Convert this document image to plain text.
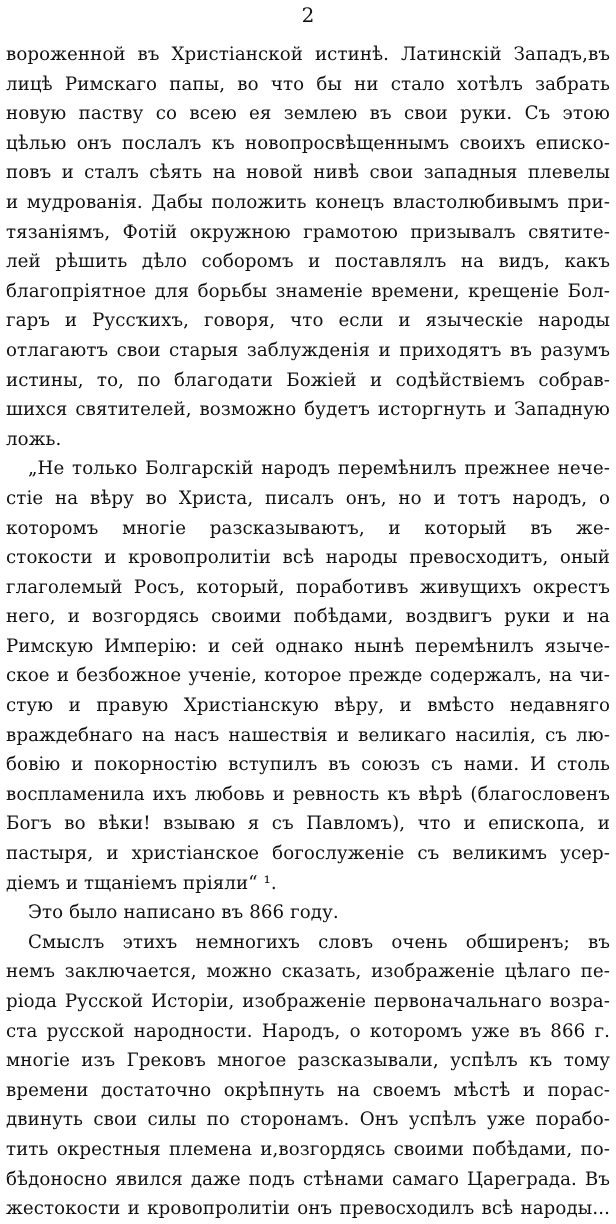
2
вороженной въ Христiанской истинѣ. Латинскiй Западъ,въ
лицѣ Римскаго папы, во что бы ни стало хотѣлъ забрать
новую паству со всею ея землею въ свои руки. Съ этою
цѣлью онъ послалъ къ новопросвѣщеннымъ своихъ еписко-
повъ и сталъ сѣять на новой нивѣ свои западныя плевелы
и мудрованiя. Дабы положить конецъ властолюбивымъ при-
тязанiямъ, Фотiй окружною грамотою призывалъ святите-
лей рѣшить дѣло соборомъ и поставлялъ на видъ, какъ
благопрiятное для борьбы знаменiе времени, крещенiе Бол-
гаръ и Руссҡихъ, говоря, что если и языческiе народы
отлагаютъ свои старыя заблужденiя и приходятъ въ разумъ
истины, то, по благодати Божiей и содѣйствiемъ собрав-
шихся святителей, возможно будетъ исторгнуть и Западную
ложь.
„Не только Болгарскiй народъ перемѣнилъ прежнее нече-
стiе на вѣру во Христа, писалъ онъ, но и тотъ народъ, о
которомъ многiе разсказываютъ, и который въ же-
стокости и кровопролитiи всѣ народы превосходитъ, оный
глаголемый Росъ, который, поработивъ живущихъ окрестъ
него, и возгордясь своими побѣдами, воздвигъ руки и на
Римскую Имперiю: и сей однако нынѣ перемѣнилъ языче-
ское и безбожное ученiе, которое прежде содержалъ, на чи-
стую и правую Христiанскую вѣру, и вмѣсто недавняго
враждебнаго на насъ нашествiя и великаго насилiя, съ лю-
бовiю и покорностiю вступилъ въ союзъ съ нами. И столь
воспламенила ихъ любовь и ревность къ вѣрѣ (благословенъ
Богъ во вѣки! взываю я съ Павломъ), что и епископа, и
пастыря, и христiанское богослуженiе съ великимъ усер-
дiемъ и тщанiемъ прiяли“ ¹.
Это было написано въ 866 году.
Смыслъ этихъ немногихъ словъ очень обширенъ; въ
немъ заключается, можно сказать, изображенiе цѣлаго пе-
рiода Русской Исторiи, изображенiе первоначальнаго возра-
ста русской народности. Народъ, о которомъ уже въ 866 г.
многiе изъ Грековъ многое разсказывали, успѣлъ къ тому
времени достаточно окрѣпнуть на своемъ мѣстѣ и порас-
двинуть свои силы по сторонамъ. Онъ успѣлъ уже порабо-
тить окрестныя племена и,возгордясь своими побѣдами, по-
бѣдоносно явился даже подъ стѣнами самаго Цареграда. Въ
жестокости и кровопролитiи онъ превосходилъ всѣ народы...
